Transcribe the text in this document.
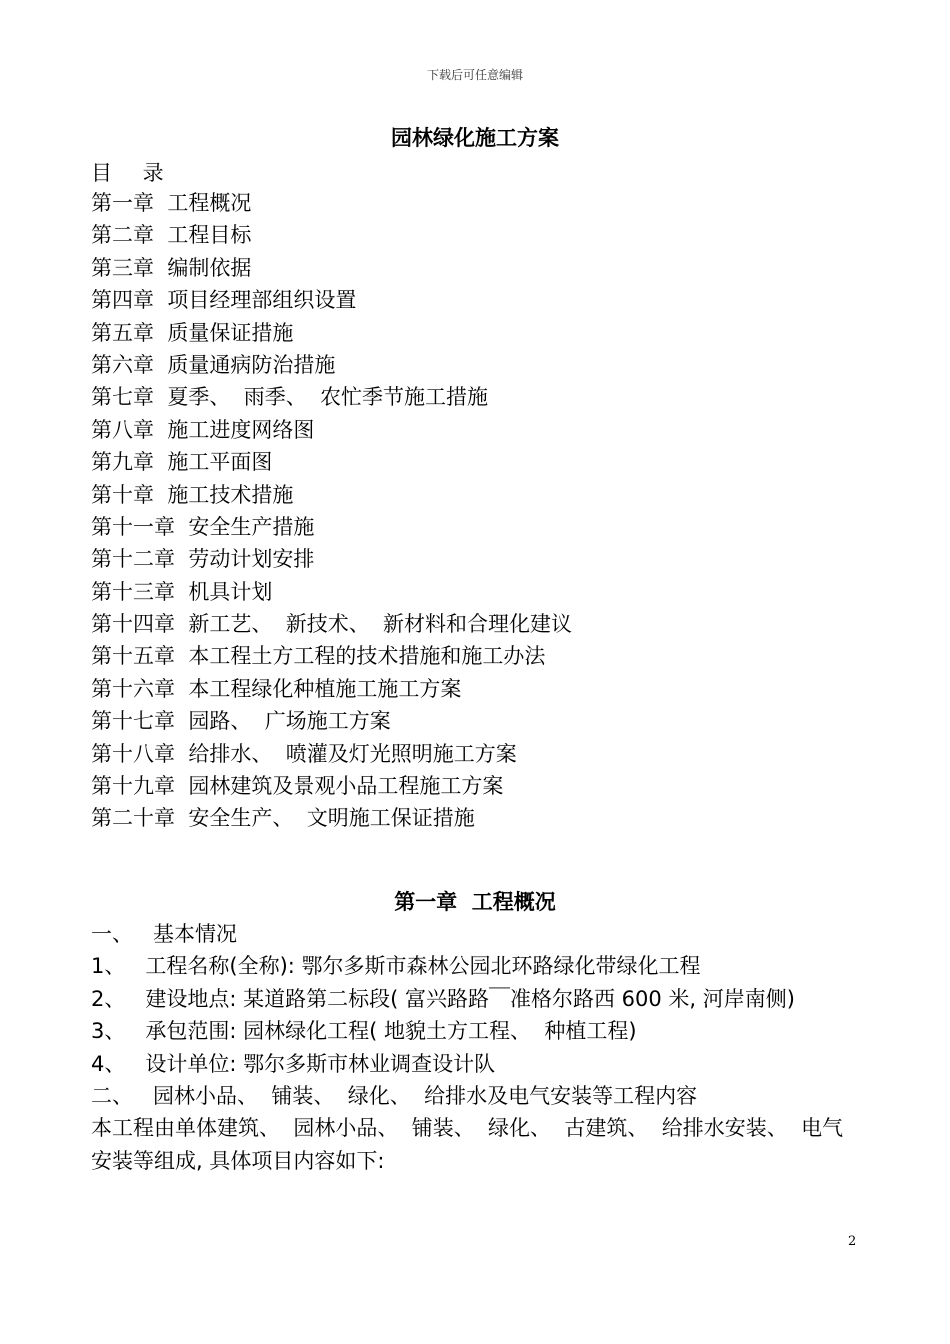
下载后可任意编辑
园林绿化施工方案
目 录
第一章  工程概况
第二章  工程目标
第三章  编制依据
第四章  项目经理部组织设置
第五章  质量保证措施
第六章  质量通病防治措施
第七章  夏季、  雨季、  农忙季节施工措施
第八章  施工进度网络图
第九章  施工平面图
第十章  施工技术措施
第十一章  安全生产措施
第十二章  劳动计划安排
第十三章  机具计划
第十四章  新工艺、  新技术、  新材料和合理化建议
第十五章  本工程土方工程的技术措施和施工办法
第十六章  本工程绿化种植施工施工方案
第十七章  园路、  广场施工方案
第十八章  给排水、  喷灌及灯光照明施工方案
第十九章  园林建筑及景观小品工程施工方案
第二十章  安全生产、  文明施工保证措施
第一章  工程概况

一、   基本情况

1、   工程名称(全称): 鄂尔多斯市森林公园北环路绿化带绿化工程

2、   建设地点: 某道路第二标段( 富兴路路￣准格尔路西 600 米, 河岸南侧)

3、   承包范围: 园林绿化工程( 地貌土方工程、  种植工程)

4、   设计单位: 鄂尔多斯市林业调查设计队

二、   园林小品、  铺装、  绿化、  给排水及电气安装等工程内容

本工程由单体建筑、  园林小品、  铺装、  绿化、  古建筑、  给排水安装、  电气安装等组成, 具体项目内容如下:

2
